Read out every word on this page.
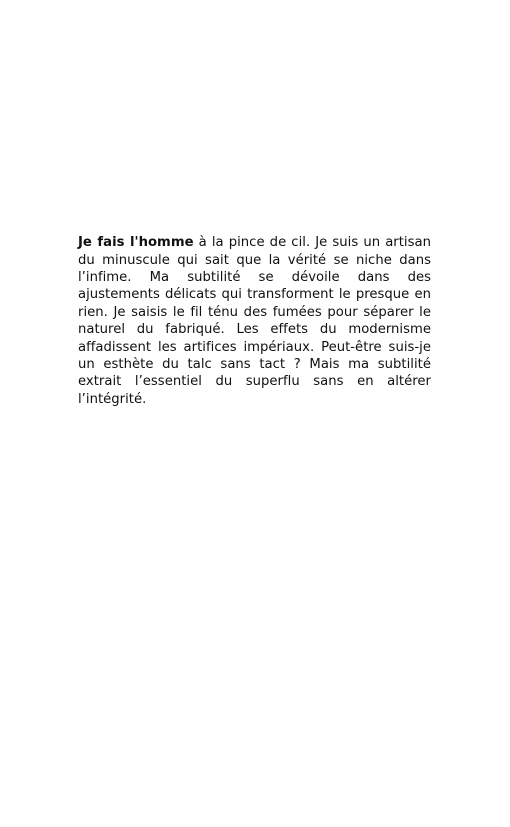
Je fais l'homme à la pince de cil. Je suis un artisan du minuscule qui sait que la vérité se niche dans l’infime. Ma subtilité se dévoile dans des ajustements délicats qui transforment le presque en rien. Je saisis le fil ténu des fumées pour séparer le naturel du fabriqué. Les effets du modernisme affadissent les artifices impériaux. Peut-être suis-je un esthète du talc sans tact ? Mais ma subtilité extrait l’essentiel du superflu sans en altérer l’intégrité.
